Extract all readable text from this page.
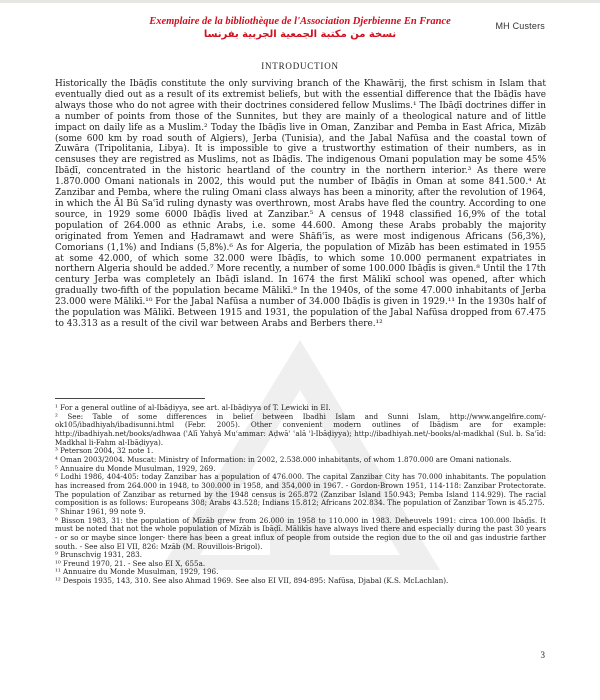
Exemplaire de la bibliothèque de l'Association Djerbienne En France
نسخة من مكتبة الجمعية الجربية بفرنسا
MH Custers
INTRODUCTION
Historically the Ibāḍīs constitute the only surviving branch of the Khawārij, the first schism in Islam that eventually died out as a result of its extremist beliefs, but with the essential difference that the Ibāḍīs have always those who do not agree with their doctrines considered fellow Muslims.¹ The Ibāḍī doctrines differ in a number of points from those of the Sunnites, but they are mainly of a theological nature and of little impact on daily life as a Muslim.² Today the Ibāḍīs live in Oman, Zanzibar and Pemba in East Africa, Mīzāb (some 600 km by road south of Algiers), Jerba (Tunisia), and the Jabal Nafūsa and the coastal town of Zuwāra (Tripolitania, Libya). It is impossible to give a trustworthy estimation of their numbers, as in censuses they are registred as Muslims, not as Ibāḍīs. The indigenous Omani population may be some 45% Ibāḍī, concentrated in the historic heartland of the country in the northern interior.³ As there were 1.870.000 Omani nationals in 2002, this would put the number of Ibāḍīs in Oman at some 841.500.⁴ At Zanzibar and Pemba, where the ruling Omani class always has been a minority, after the revolution of 1964, in which the Āl Bū Saʿīd ruling dynasty was overthrown, most Arabs have fled the country. According to one source, in 1929 some 6000 Ibāḍīs lived at Zanzibar.⁵ A census of 1948 classified 16,9% of the total population of 264.000 as ethnic Arabs, i.e. some 44.600. Among these Arabs probably the majority originated from Yemen and Ḥadramawt and were Shāfiʿīs, as were most indigenous Africans (56,3%), Comorians (1,1%) and Indians (5,8%).⁶ As for Algeria, the population of Mīzāb has been estimated in 1955 at some 42.000, of which some 32.000 were Ibāḍīs, to which some 10.000 permanent expatriates in northern Algeria should be added.⁷ More recently, a number of some 100.000 Ibāḍīs is given.⁸ Until the 17th century Jerba was completely an Ibāḍī island. In 1674 the first Mālikī school was opened, after which gradually two-fifth of the population became Mālikī.⁹ In the 1940s, of the some 47.000 inhabitants of Jerba 23.000 were Mālikī.¹⁰ For the Jabal Nafūsa a number of 34.000 Ibāḍīs is given in 1929.¹¹ In the 1930s half of the population was Mālikī. Between 1915 and 1931, the population of the Jabal Nafūsa dropped from 67.475 to 43.313 as a result of the civil war between Arabs and Berbers there.¹²

¹ For a general outline of al-Ibāḍiyya, see art. al-Ibāḍiyya of T. Lewicki in EI.

² See: Table of some differences in belief between Ibadhi Islam and Sunni Islam, http://www.angelfire.com/-ok105/ibadhiyah/ibadisunni.html (Febr. 2005). Other convenient modern outlines of Ibāḍism are for example: http://ibadhiyah.net/books/adhwaa ('Alī Yahyā Muʿammar: Aḍwāʾ ʿalā ʾl-Ibāḍiyya); http://ibadhiyah.net/-books/al-madkhal (Sul. b. Saʿīd: Madkhal li-Fahm al-Ibāḍiyya).

³ Peterson 2004, 32 note 1.

⁴ Oman 2003/2004. Muscat: Ministry of Information: in 2002, 2.538.000 inhabitants, of whom 1.870.000 are Omani nationals.

⁵ Annuaire du Monde Musulman, 1929, 269.

⁶ Lodhi 1986, 404-405: today Zanzibar has a population of 476.000. The capital Zanzibar City has 70.000 inhabitants. The population has increased from 264.000 in 1948, to 300.000 in 1958, and 354,000 in 1967. - Gordon-Brown 1951, 114-118: Zanzibar Protectorate. The population of Zanzibar as returned by the 1948 census is 265.872 (Zanzibar Island 150.943; Pemba Island 114.929). The racial composition is as follows: Europeans 308; Arabs 43.528; Indians 15.812; Africans 202.834. The population of Zanzibar Town is 45.275.

⁷ Shinar 1961, 99 note 9.

⁸ Bisson 1983, 31: the population of Mīzāb grew from 26.000 in 1958 to 110.000 in 1983. Deheuvels 1991: circa 100.000 Ibāḍīs. It must be noted that not the whole population of Mīzāb is Ibāḍī. Mālikīs have always lived there and especially during the past 30 years - or so or maybe since longer- there has been a great influx of people from outside the region due to the oil and gas industrie farther south. - See also EI VII, 826: Mzāb (M. Rouvillois-Brigol).

⁹ Brunschvig 1931, 283.

¹⁰ Freund 1970, 21. - See also EI X, 655a.

¹¹ Annuaire du Monde Musulman, 1929, 196.

¹² Despois 1935, 143, 310. See also Ahmad 1969. See also EI VII, 894-895: Nafūsa, Djabal (K.S. McLachlan).

3
